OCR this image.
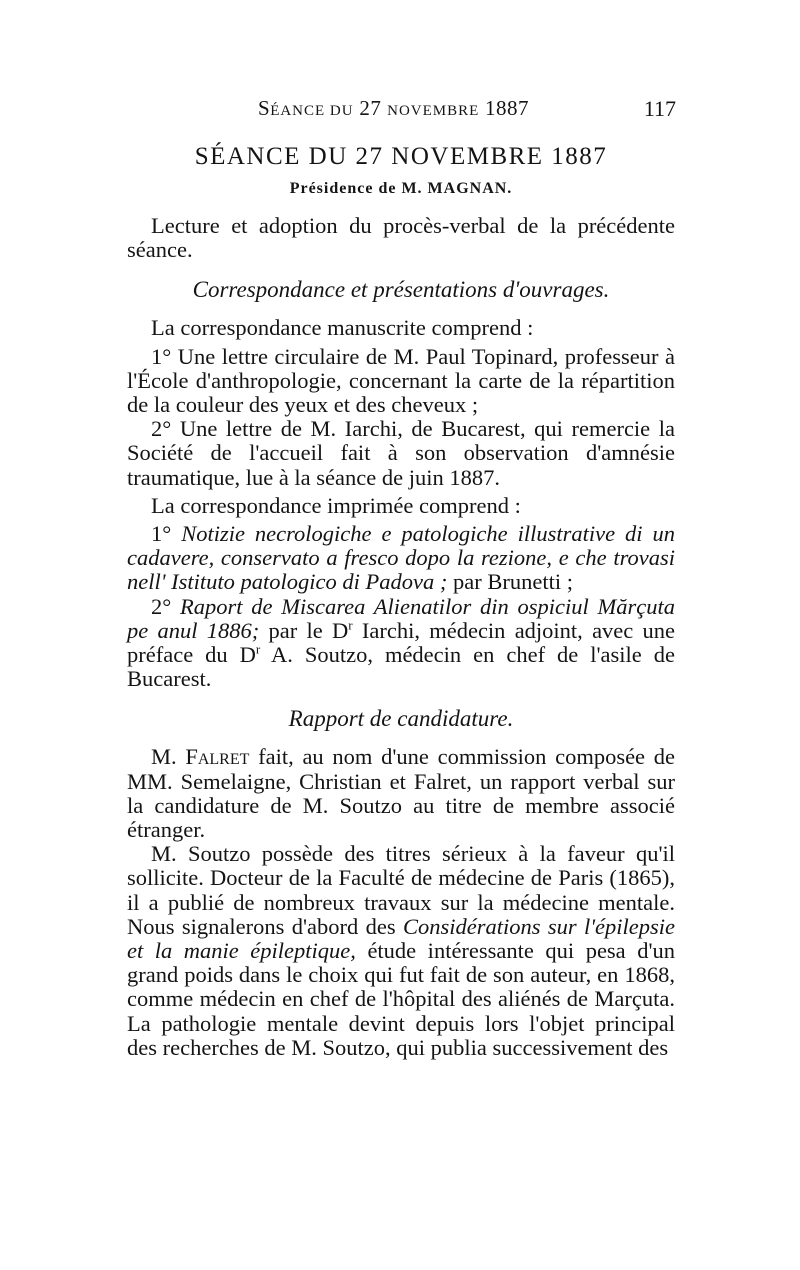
SÉANCE DU 27 NOVEMBRE 1887	117
SÉANCE DU 27 NOVEMBRE 1887
Présidence de M. MAGNAN.

Lecture et adoption du procès-verbal de la précédente séance.

Correspondance et présentations d'ouvrages.

La correspondance manuscrite comprend :

1° Une lettre circulaire de M. Paul Topinard, professeur à l'École d'anthropologie, concernant la carte de la répartition de la couleur des yeux et des cheveux ;

2° Une lettre de M. Iarchi, de Bucarest, qui remercie la Société de l'accueil fait à son observation d'amnésie traumatique, lue à la séance de juin 1887.

La correspondance imprimée comprend :

1° Notizie necrologiche e patologiche illustrative di un cadavere, conservato a fresco dopo la rezione, e che trovasi nell' Istituto patologico di Padova ; par Brunetti ;

2° Raport de Miscarea Alienatilor din ospiciul Mărçuta pe anul 1886; par le $D^r$ Iarchi, médecin adjoint, avec une préface du $D^r$ A. Soutzo, médecin en chef de l'asile de Bucarest.

Rapport de candidature.

M. Falret fait, au nom d'une commission composée de MM. Semelaigne, Christian et Falret, un rapport verbal sur la candidature de M. Soutzo au titre de membre associé étranger.

M. Soutzo possède des titres sérieux à la faveur qu'il sollicite. Docteur de la Faculté de médecine de Paris (1865), il a publié de nombreux travaux sur la médecine mentale. Nous signalerons d'abord des Considérations sur l'épilepsie et la manie épileptique, étude intéressante qui pesa d'un grand poids dans le choix qui fut fait de son auteur, en 1868, comme médecin en chef de l'hôpital des aliénés de Marçuta. La pathologie mentale devint depuis lors l'objet principal des recherches de M. Soutzo, qui publia successivement des
